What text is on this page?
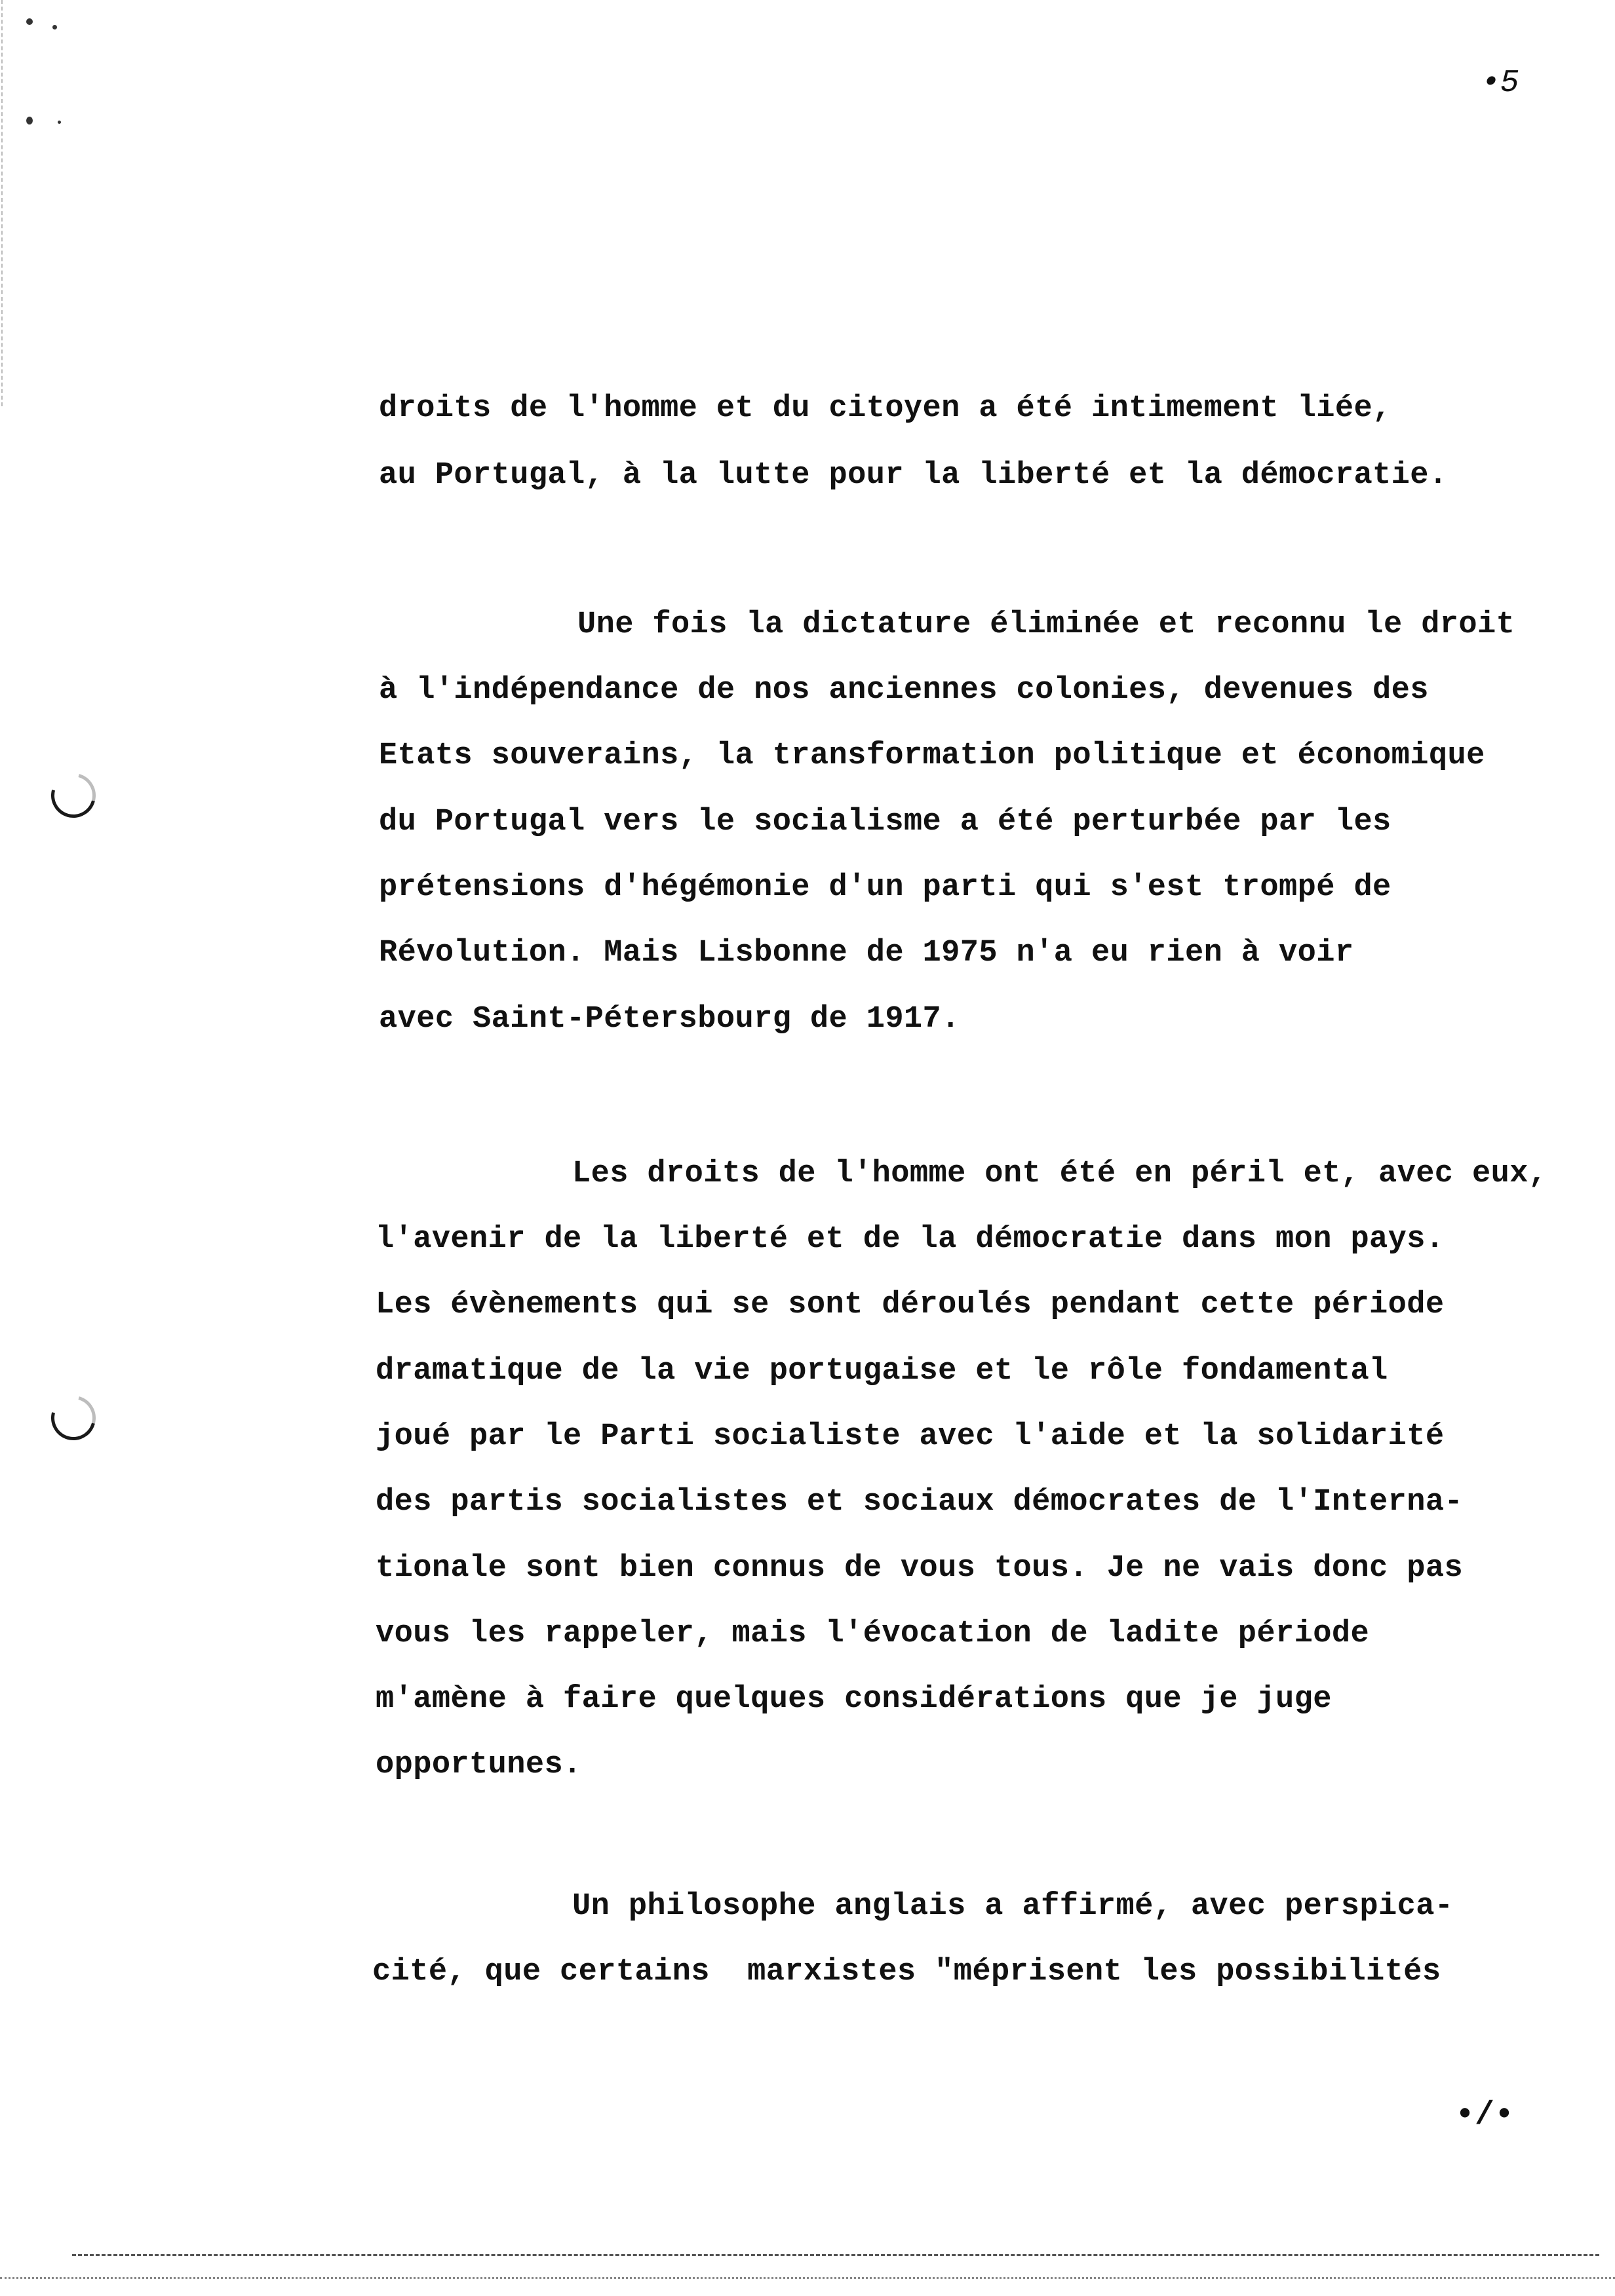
•5
droits de l'homme et du citoyen a été intimement liée,
au Portugal, à la lutte pour la liberté et la démocratie.
Une fois la dictature éliminée et reconnu le droit
à l'indépendance de nos anciennes colonies, devenues des
Etats souverains, la transformation politique et économique
du Portugal vers le socialisme a été perturbée par les
prétensions d'hégémonie d'un parti qui s'est trompé de
Révolution. Mais Lisbonne de 1975 n'a eu rien à voir
avec Saint-Pétersbourg de 1917.
Les droits de l'homme ont été en péril et, avec eux,
l'avenir de la liberté et de la démocratie dans mon pays.
Les évènements qui se sont déroulés pendant cette période
dramatique de la vie portugaise et le rôle fondamental
joué par le Parti socialiste avec l'aide et la solidarité
des partis socialistes et sociaux démocrates de l'Interna-
tionale sont bien connus de vous tous. Je ne vais donc pas
vous les rappeler, mais l'évocation de ladite période
m'amène à faire quelques considérations que je juge
opportunes.
Un philosophe anglais a affirmé, avec perspica-
cité, que certains  marxistes "méprisent les possibilités
•/•
